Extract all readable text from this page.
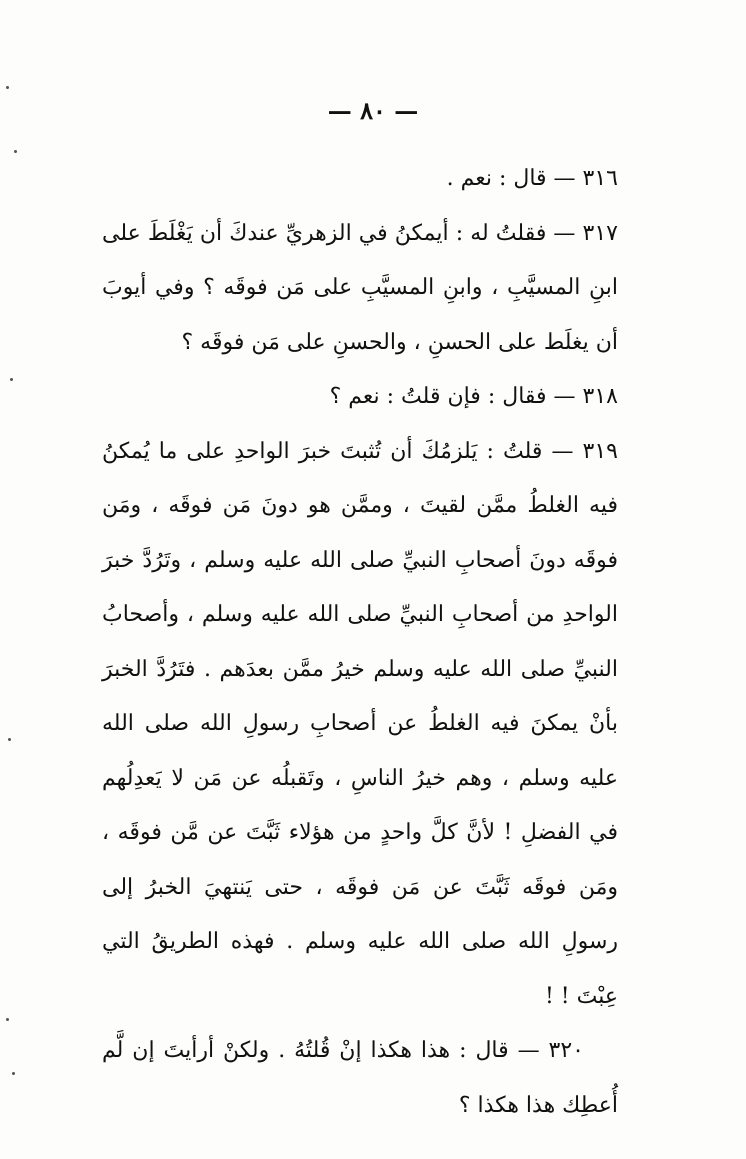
— ٨٠ —

٣١٦ — قال : نعم .

٣١٧ — فقلتُ له : أيمكنُ في الزهريِّ عندكَ أن يَغْلَطَ على ابنِ المسيَّبِ ، وابنِ المسيَّبِ على مَن فوقَه ؟ وفي أيوبَ أن يغلَط على الحسنِ ، والحسنِ على مَن فوقَه ؟

٣١٨ — فقال : فإن قلتُ : نعم ؟

٣١٩ — قلتُ : يَلزمُكَ أن تُثبتَ خبرَ الواحدِ على ما يُمكنُ فيه الغلطُ ممَّن لقيتَ ، وممَّن هو دونَ مَن فوقَه ، ومَن فوقَه دونَ أصحابِ النبيِّ صلى الله عليه وسلم ، وتَرُدَّ خبرَ الواحدِ من أصحابِ النبيِّ صلى الله عليه وسلم ، وأصحابُ النبيِّ صلى الله عليه وسلم خيرُ ممَّن بعدَهم . فتَرُدَّ الخبرَ بأنْ يمكنَ فيه الغلطُ عن أصحابِ رسولِ الله صلى الله عليه وسلم ، وهم خيرُ الناسِ ، وتَقبلُه عن مَن لا يَعدِلُهم في الفضلِ ! لأنَّ كلَّ واحدٍ من هؤلاء ثَبَّتَ عن مَّن فوقَه ، ومَن فوقَه ثَبَّتَ عن مَن فوقَه ، حتى يَنتهيَ الخبرُ إلى رسولِ الله صلى الله عليه وسلم . فهذه الطريقُ التي عِبْتَ ! !

٣٢٠ — قال : هذا هكذا إنْ قُلتُهُ . ولكنْ أرأيتَ إن لَّم أُعطِك هذا هكذا ؟
